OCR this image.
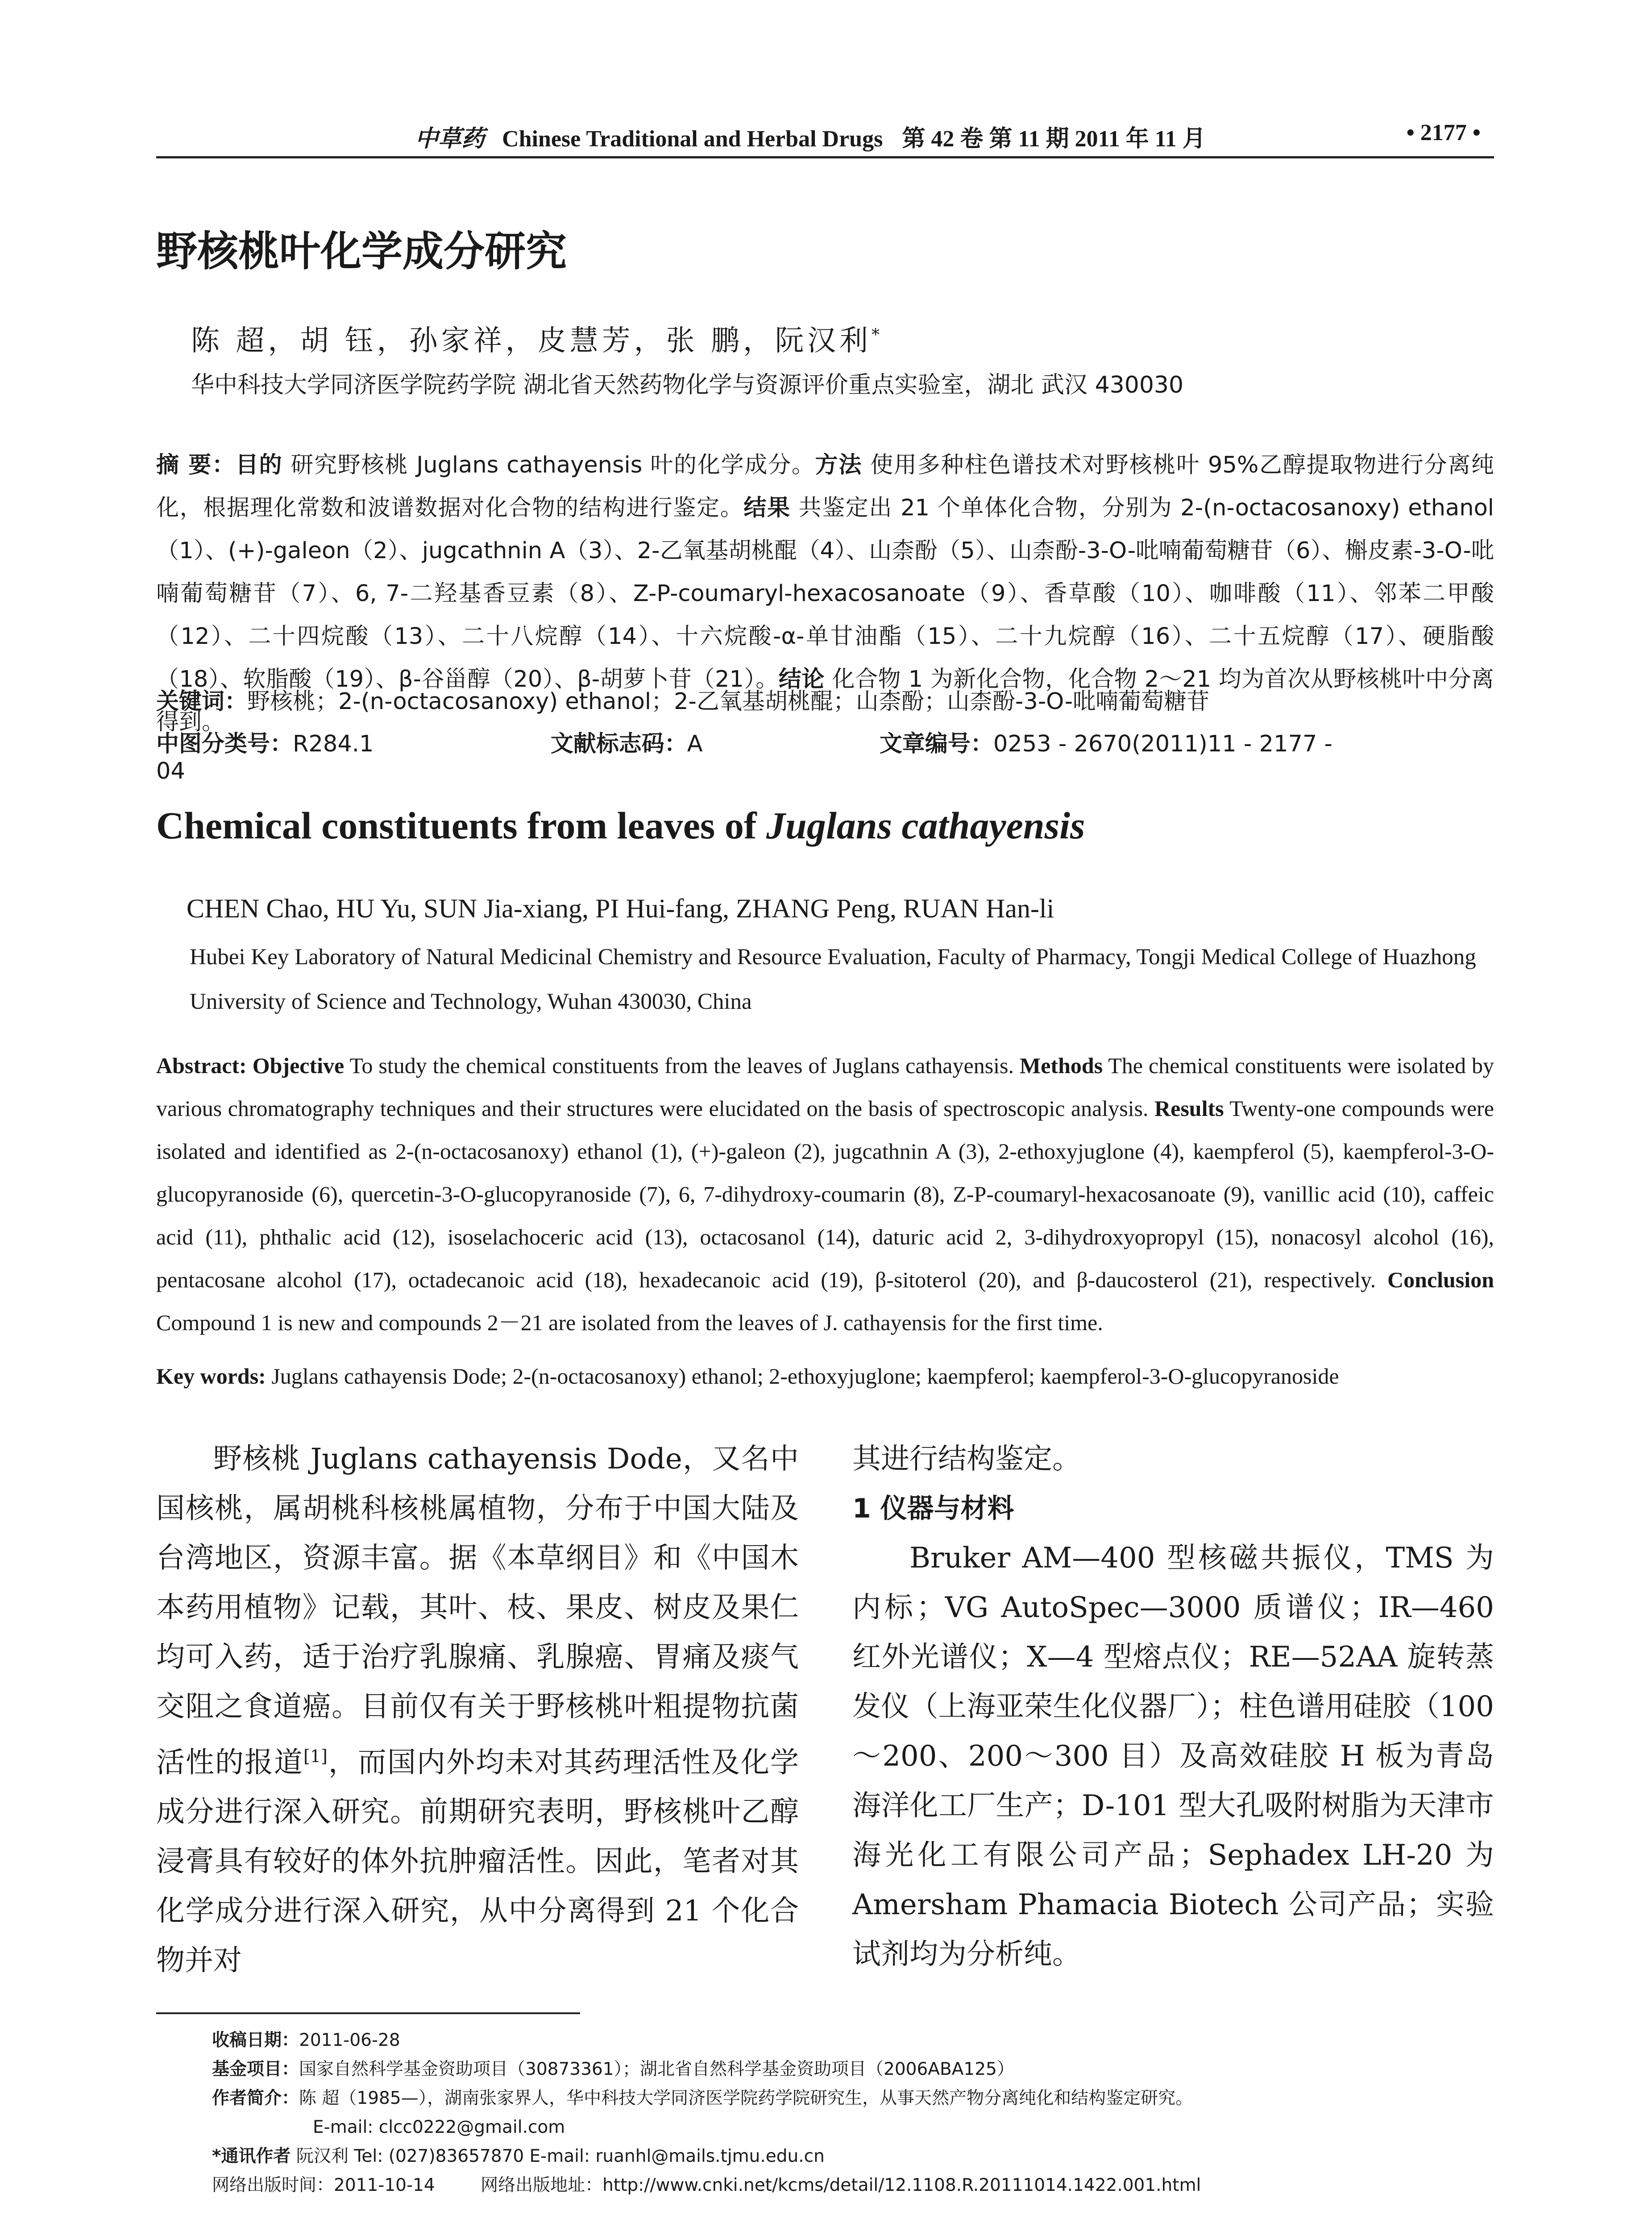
中草药 Chinese Traditional and Herbal Drugs 第 42 卷 第 11 期 2011 年 11 月	• 2177 •
野核桃叶化学成分研究
陈 超，胡 钰，孙家祥，皮慧芳，张 鹏，阮汉利*
华中科技大学同济医学院药学院 湖北省天然药物化学与资源评价重点实验室，湖北 武汉 430030
摘 要：目的 研究野核桃 Juglans cathayensis 叶的化学成分。方法 使用多种柱色谱技术对野核桃叶 95%乙醇提取物进行分离纯化，根据理化常数和波谱数据对化合物的结构进行鉴定。结果 共鉴定出 21 个单体化合物，分别为 2-(n-octacosanoxy) ethanol（1）、(+)-galeon（2）、jugcathnin A（3）、2-乙氧基胡桃醌（4）、山柰酚（5）、山柰酚-3-O-吡喃葡萄糖苷（6）、槲皮素-3-O-吡喃葡萄糖苷（7）、6, 7-二羟基香豆素（8）、Z-P-coumaryl-hexacosanoate（9）、香草酸（10）、咖啡酸（11）、邻苯二甲酸（12）、二十四烷酸（13）、二十八烷醇（14）、十六烷酸-α-单甘油酯（15）、二十九烷醇（16）、二十五烷醇（17）、硬脂酸（18）、软脂酸（19）、β-谷甾醇（20）、β-胡萝卜苷（21）。结论 化合物 1 为新化合物，化合物 2～21 均为首次从野核桃叶中分离得到。
关键词：野核桃；2-(n-octacosanoxy) ethanol；2-乙氧基胡桃醌；山柰酚；山柰酚-3-O-吡喃葡萄糖苷
中图分类号：R284.1	文献标志码：A	文章编号：0253 - 2670(2011)11 - 2177 - 04
Chemical constituents from leaves of Juglans cathayensis
CHEN Chao, HU Yu, SUN Jia-xiang, PI Hui-fang, ZHANG Peng, RUAN Han-li
Hubei Key Laboratory of Natural Medicinal Chemistry and Resource Evaluation, Faculty of Pharmacy, Tongji Medical College of Huazhong University of Science and Technology, Wuhan 430030, China
Abstract: Objective To study the chemical constituents from the leaves of Juglans cathayensis. Methods The chemical constituents were isolated by various chromatography techniques and their structures were elucidated on the basis of spectroscopic analysis. Results Twenty-one compounds were isolated and identified as 2-(n-octacosanoxy) ethanol (1), (+)-galeon (2), jugcathnin A (3), 2-ethoxyjuglone (4), kaempferol (5), kaempferol-3-O-glucopyranoside (6), quercetin-3-O-glucopyranoside (7), 6, 7-dihydroxy-coumarin (8), Z-P-coumaryl-hexacosanoate (9), vanillic acid (10), caffeic acid (11), phthalic acid (12), isoselachoceric acid (13), octacosanol (14), daturic acid 2, 3-dihydroxyopropyl (15), nonacosyl alcohol (16), pentacosane alcohol (17), octadecanoic acid (18), hexadecanoic acid (19), β-sitoterol (20), and β-daucosterol (21), respectively. Conclusion Compound 1 is new and compounds 2－21 are isolated from the leaves of J. cathayensis for the first time.
Key words: Juglans cathayensis Dode; 2-(n-octacosanoxy) ethanol; 2-ethoxyjuglone; kaempferol; kaempferol-3-O-glucopyranoside
野核桃 Juglans cathayensis Dode，又名中国核桃，属胡桃科核桃属植物，分布于中国大陆及台湾地区，资源丰富。据《本草纲目》和《中国木本药用植物》记载，其叶、枝、果皮、树皮及果仁均可入药，适于治疗乳腺痛、乳腺癌、胃痛及痰气交阻之食道癌。目前仅有关于野核桃叶粗提物抗菌活性的报道[1]，而国内外均未对其药理活性及化学成分进行深入研究。前期研究表明，野核桃叶乙醇浸膏具有较好的体外抗肿瘤活性。因此，笔者对其化学成分进行深入研究，从中分离得到 21 个化合物并对
其进行结构鉴定。
1 仪器与材料
Bruker AM—400 型核磁共振仪，TMS 为内标；VG AutoSpec—3000 质谱仪；IR—460 红外光谱仪；X—4 型熔点仪；RE—52AA 旋转蒸发仪（上海亚荣生化仪器厂）；柱色谱用硅胶（100～200、200～300 目）及高效硅胶 H 板为青岛海洋化工厂生产；D-101 型大孔吸附树脂为天津市海光化工有限公司产品；Sephadex LH-20 为 Amersham Phamacia Biotech 公司产品；实验试剂均为分析纯。
收稿日期：2011-06-28
基金项目：国家自然科学基金资助项目（30873361）；湖北省自然科学基金资助项目（2006ABA125）
作者简介：陈 超（1985—），湖南张家界人，华中科技大学同济医学院药学院研究生，从事天然产物分离纯化和结构鉴定研究。
E-mail: clcc0222@gmail.com
*通讯作者 阮汉利 Tel: (027)83657870 E-mail: ruanhl@mails.tjmu.edu.cn
网络出版时间：2011-10-14	网络出版地址：http://www.cnki.net/kcms/detail/12.1108.R.20111014.1422.001.html
